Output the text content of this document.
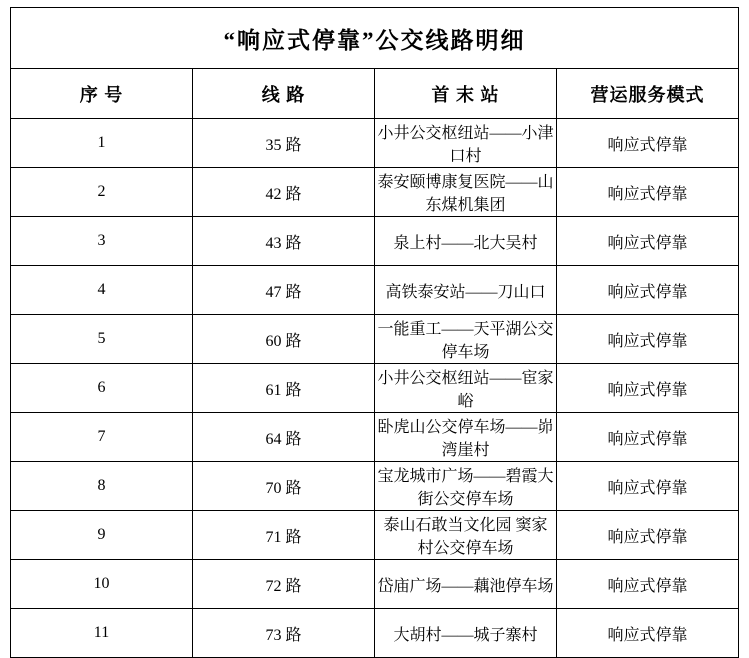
“响应式停靠”公交线路明细			
序 号	线 路	首 末 站	营运服务模式
1	35 路	小井公交枢纽站——小津口村	响应式停靠
2	42 路	泰安颐博康复医院——山东煤机集团	响应式停靠
3	43 路	泉上村——北大吴村	响应式停靠
4	47 路	高铁泰安站——刀山口	响应式停靠
5	60 路	一能重工——天平湖公交停车场	响应式停靠
6	61 路	小井公交枢纽站——宦家峪	响应式停靠
7	64 路	卧虎山公交停车场——峁湾崖村	响应式停靠
8	70 路	宝龙城市广场——碧霞大街公交停车场	响应式停靠
9	71 路	泰山石敢当文化园 窦家村公交停车场	响应式停靠
10	72 路	岱庙广场——藕池停车场	响应式停靠
11	73 路	大胡村——城子寨村	响应式停靠
